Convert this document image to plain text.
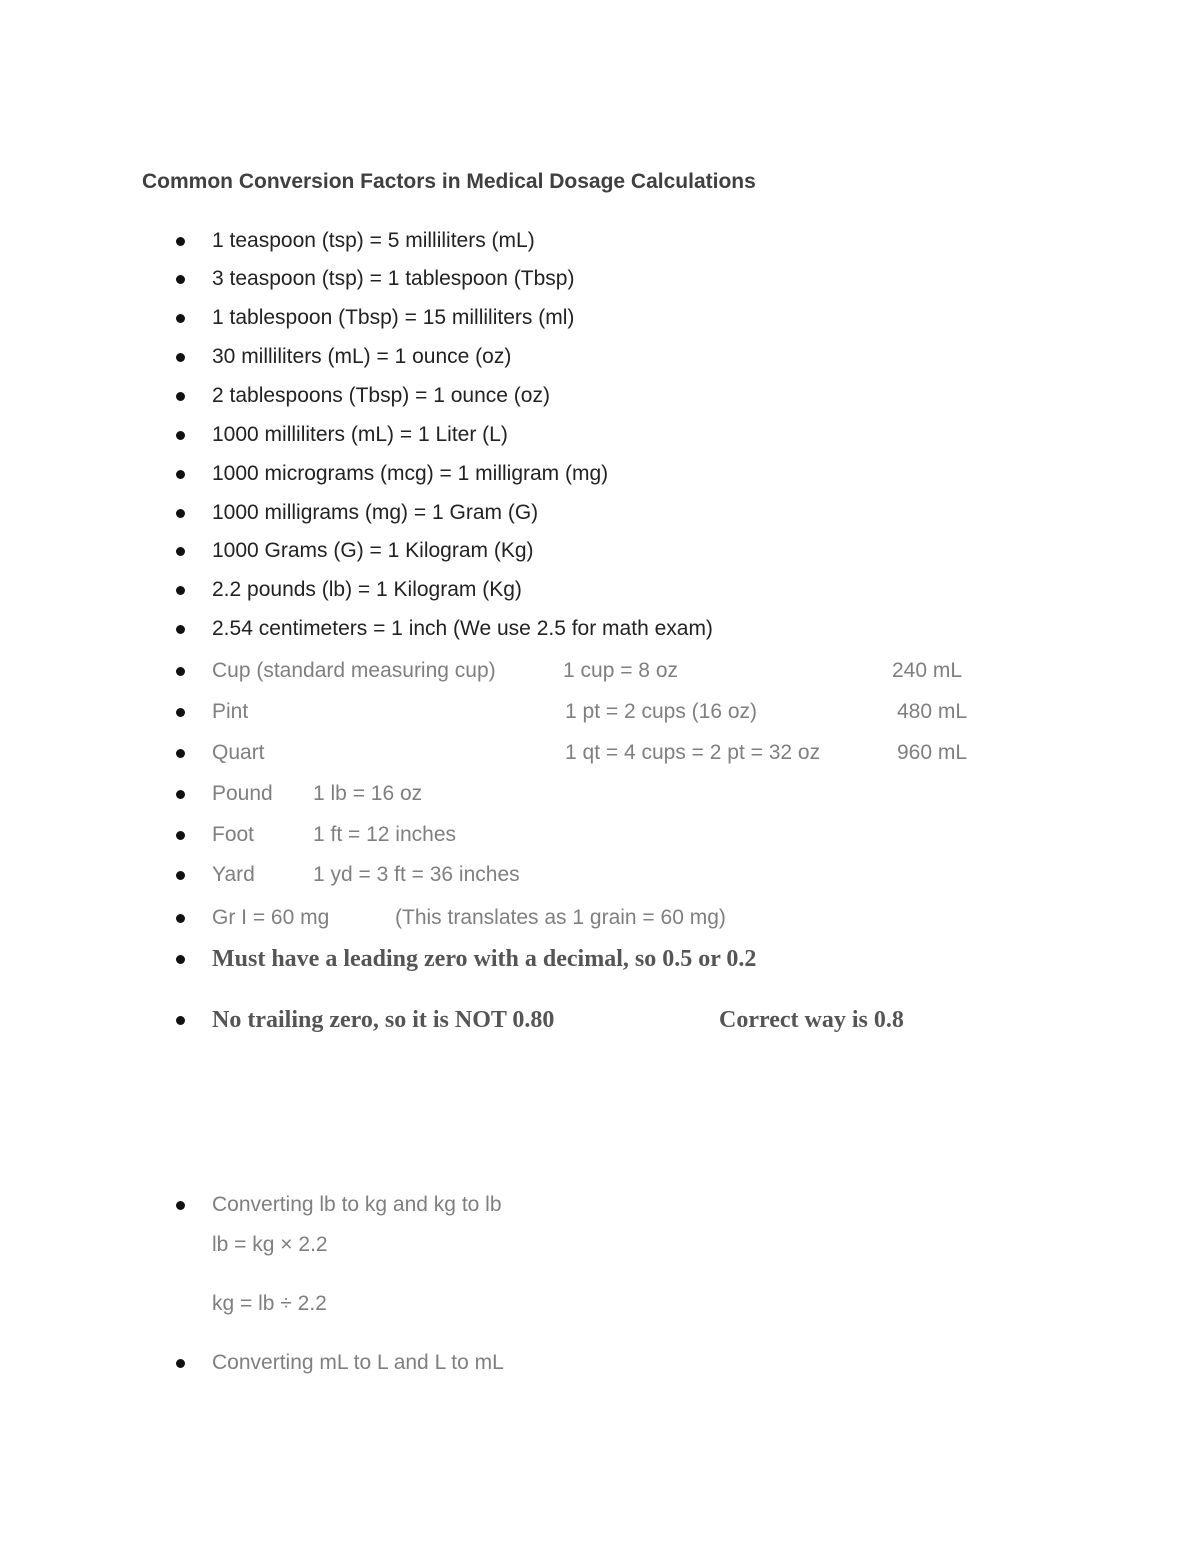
Common Conversion Factors in Medical Dosage Calculations
1 teaspoon (tsp) = 5 milliliters (mL)
3 teaspoon (tsp) = 1 tablespoon (Tbsp)
1 tablespoon (Tbsp) = 15 milliliters (ml)
30 milliliters (mL) = 1 ounce (oz)
2 tablespoons (Tbsp) = 1 ounce (oz)
1000 milliliters (mL) = 1 Liter (L)
1000 micrograms (mcg) = 1 milligram (mg)
1000 milligrams (mg) = 1 Gram (G)
1000 Grams (G) = 1 Kilogram (Kg)
2.2 pounds (lb) = 1 Kilogram (Kg)
2.54 centimeters = 1 inch (We use 2.5 for math exam)
Cup (standard measuring cup)	1 cup = 8 oz	240 mL
Pint	1 pt = 2 cups (16 oz)	480 mL
Quart	1 qt = 4 cups = 2 pt = 32 oz	960 mL
Pound 1 lb = 16 oz
Foot	1 ft = 12 inches
Yard	1 yd = 3 ft = 36 inches
Gr I = 60 mg	(This translates as 1 grain = 60 mg)
Must have a leading zero with a decimal, so 0.5 or 0.2
No trailing zero, so it is NOT 0.80	Correct way is 0.8
Converting lb to kg and kg to lb
lb = kg × 2.2
kg = lb ÷ 2.2
Converting mL to L and L to mL
